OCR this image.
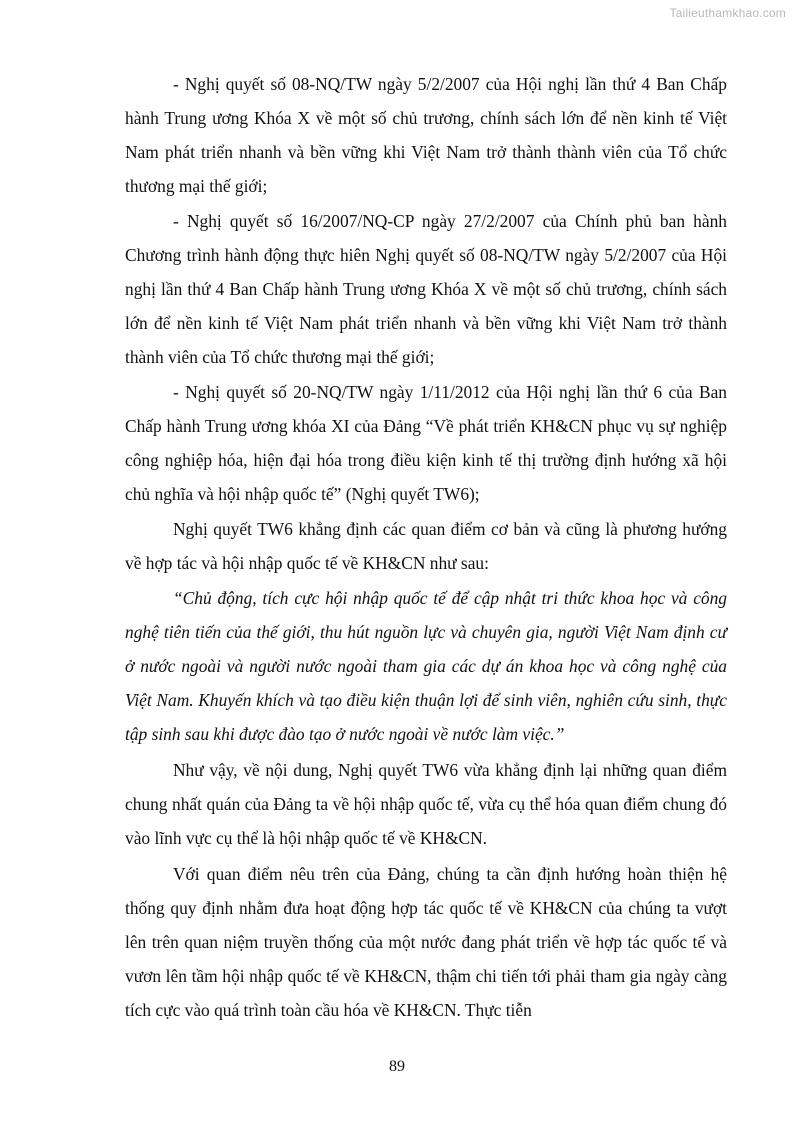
Tailieuthamkhao.com

- Nghị quyết số 08-NQ/TW ngày 5/2/2007 của Hội nghị lần thứ 4 Ban Chấp hành Trung ương Khóa X về một số chủ trương, chính sách lớn để nền kinh tế Việt Nam phát triển nhanh và bền vững khi Việt Nam trở thành thành viên của Tổ chức thương mại thế giới;

- Nghị quyết số 16/2007/NQ-CP ngày 27/2/2007 của Chính phủ ban hành Chương trình hành động thực hiên Nghị quyết số 08-NQ/TW ngày 5/2/2007 của Hội nghị lần thứ 4 Ban Chấp hành Trung ương Khóa X về một số chủ trương, chính sách lớn để nền kinh tế Việt Nam phát triển nhanh và bền vững khi Việt Nam trở thành thành viên của Tổ chức thương mại thế giới;

- Nghị quyết số 20-NQ/TW ngày 1/11/2012 của Hội nghị lần thứ 6 của Ban Chấp hành Trung ương khóa XI của Đảng “Về phát triển KH&CN phục vụ sự nghiệp công nghiệp hóa, hiện đại hóa trong điều kiện kinh tế thị trường định hướng xã hội chủ nghĩa và hội nhập quốc tế” (Nghị quyết TW6);

Nghị quyết TW6 khẳng định các quan điểm cơ bản và cũng là phương hướng về hợp tác và hội nhập quốc tế về KH&CN như sau:

“Chủ động, tích cực hội nhập quốc tế để cập nhật tri thức khoa học và công nghệ tiên tiến của thế giới, thu hút nguồn lực và chuyên gia, người Việt Nam định cư ở nước ngoài và người nước ngoài tham gia các dự án khoa học và công nghệ của Việt Nam. Khuyến khích và tạo điều kiện thuận lợi để sinh viên, nghiên cứu sinh, thực tập sinh sau khi được đào tạo ở nước ngoài về nước làm việc.”

Như vậy, về nội dung, Nghị quyết TW6 vừa khẳng định lại những quan điểm chung nhất quán của Đảng ta về hội nhập quốc tế, vừa cụ thể hóa quan điểm chung đó vào lĩnh vực cụ thể là hội nhập quốc tế về KH&CN.

Với quan điểm nêu trên của Đảng, chúng ta cần định hướng hoàn thiện hệ thống quy định nhằm đưa hoạt động hợp tác quốc tế về KH&CN của chúng ta vượt lên trên quan niệm truyền thống của một nước đang phát triển về hợp tác quốc tế và vươn lên tầm hội nhập quốc tế về KH&CN, thậm chi tiến tới phải tham gia ngày càng tích cực vào quá trình toàn cầu hóa về KH&CN. Thực tiễn

89
